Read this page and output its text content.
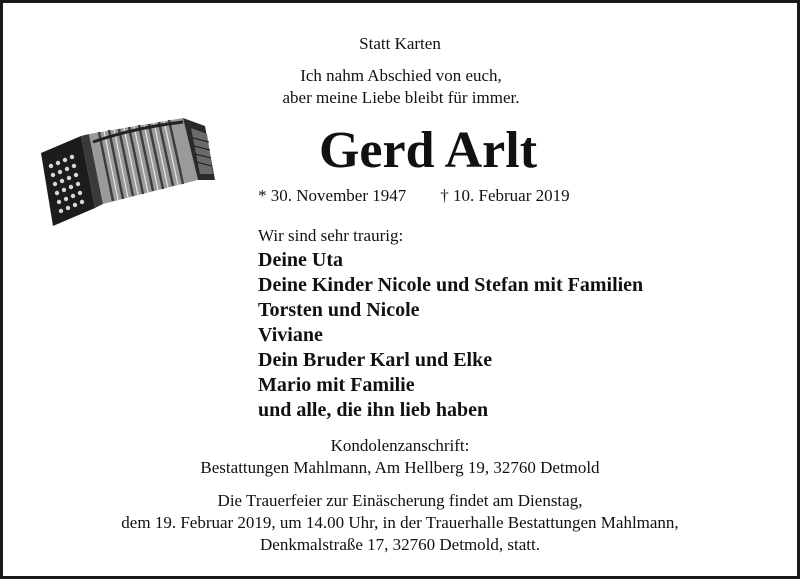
Statt Karten
Ich nahm Abschied von euch,
aber meine Liebe bleibt für immer.
Gerd Arlt
* 30. November 1947 † 10. Februar 2019
Wir sind sehr traurig:
Deine Uta
Deine Kinder Nicole und Stefan mit Familien
Torsten und Nicole
Viviane
Dein Bruder Karl und Elke
Mario mit Familie
und alle, die ihn lieb haben
Kondolenzanschrift:
Bestattungen Mahlmann, Am Hellberg 19, 32760 Detmold
Die Trauerfeier zur Einäscherung findet am Dienstag,
dem 19. Februar 2019, um 14.00 Uhr, in der Trauerhalle Bestattungen Mahlmann,
Denkmalstraße 17, 32760 Detmold, statt.
